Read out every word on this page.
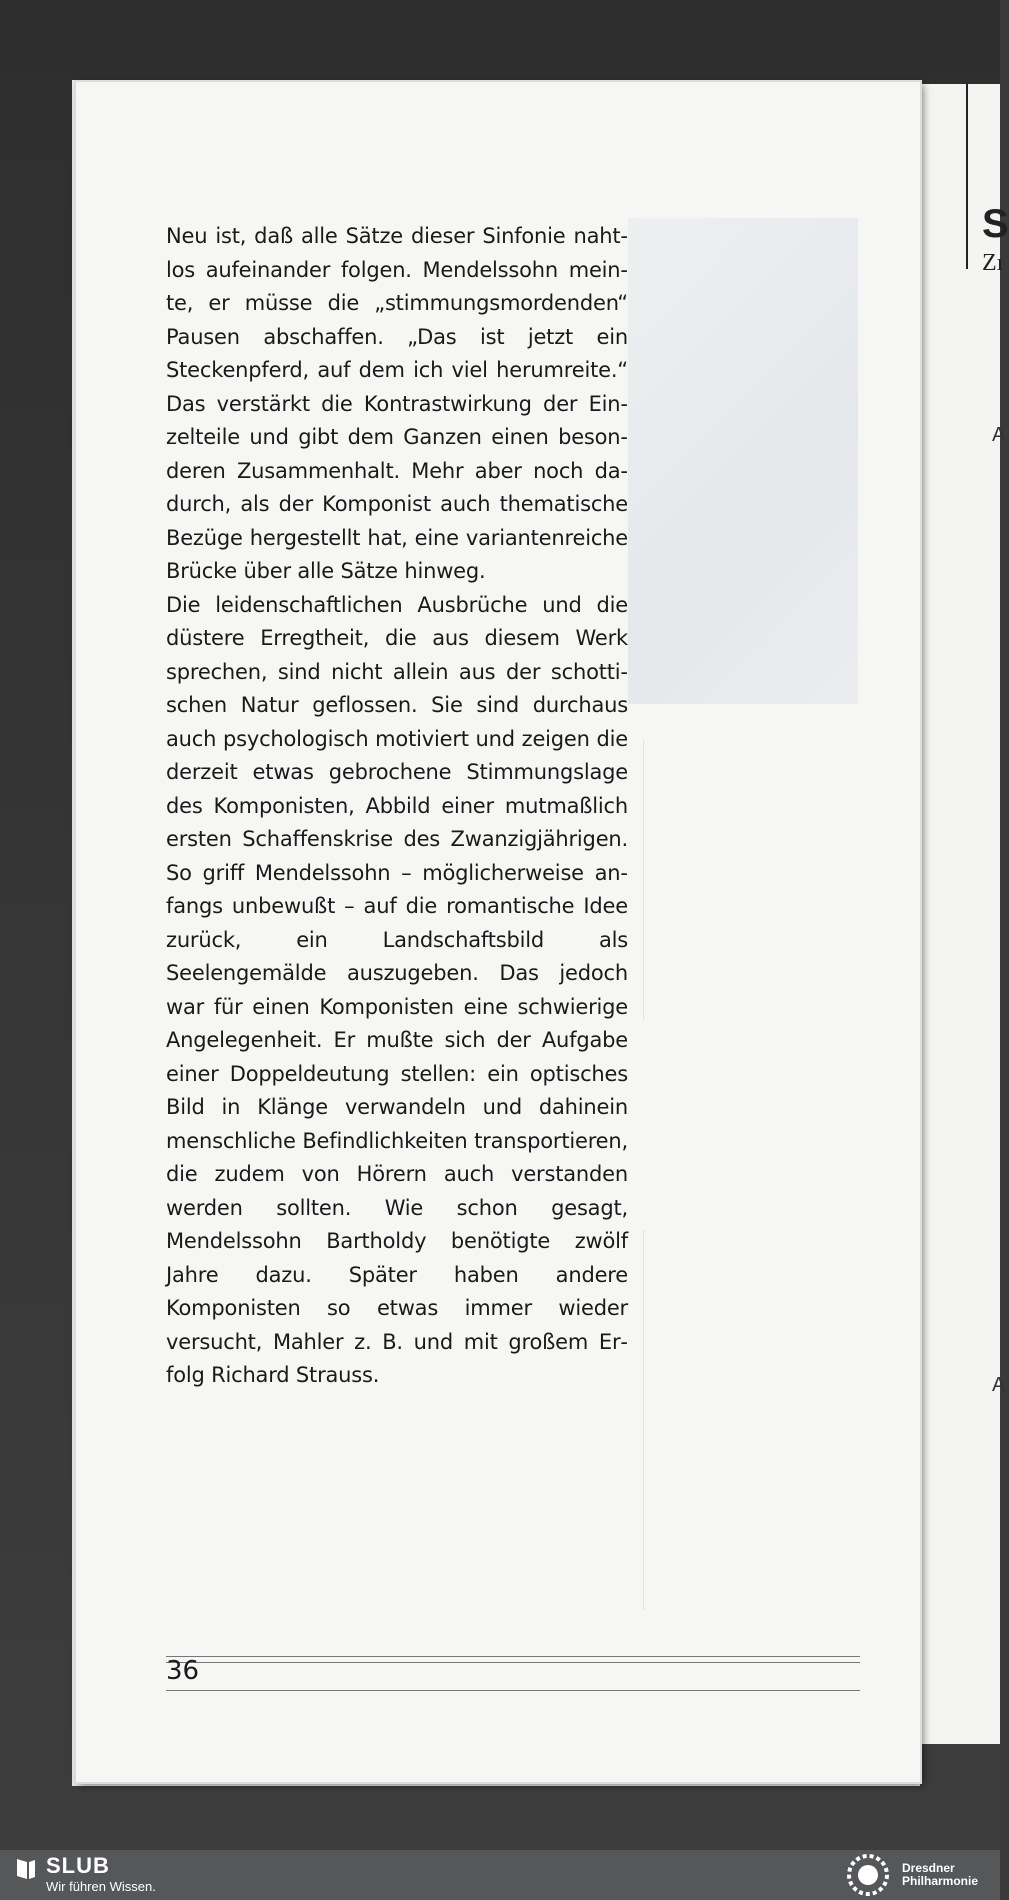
S
Zı
A
A

Neu ist, daß alle Sätze dieser Sinfonie nahtlos aufeinander folgen. Mendelssohn meinte, er müsse die „stimmungsmordenden“ Pausen abschaffen. „Das ist jetzt ein Steckenpferd, auf dem ich viel herumreite.“ Das verstärkt die Kontrastwirkung der Einzelteile und gibt dem Ganzen einen besonderen Zusammenhalt. Mehr aber noch dadurch, als der Komponist auch thematische Bezüge hergestellt hat, eine variantenreiche Brücke über alle Sätze hinweg.

Die leidenschaftlichen Ausbrüche und die düstere Erregtheit, die aus diesem Werk sprechen, sind nicht allein aus der schottischen Natur geflossen. Sie sind durchaus auch psychologisch motiviert und zeigen die derzeit etwas gebrochene Stimmungslage des Komponisten, Abbild einer mutmaßlich ersten Schaffenskrise des Zwanzigjährigen. So griff Mendelssohn – möglicherweise anfangs unbewußt – auf die romantische Idee zurück, ein Landschaftsbild als Seelengemälde auszugeben. Das jedoch war für einen Komponisten eine schwierige Angelegenheit. Er mußte sich der Aufgabe einer Doppeldeutung stellen: ein optisches Bild in Klänge verwandeln und dahinein menschliche Befindlichkeiten transportieren, die zudem von Hörern auch verstanden werden sollten. Wie schon gesagt, Mendelssohn Bartholdy benötigte zwölf Jahre dazu. Später haben andere Komponisten so etwas immer wieder versucht, Mahler z. B. und mit großem Erfolg Richard Strauss.

36
SLUB
Wir führen Wissen.
Dresdner
Philharmonie
